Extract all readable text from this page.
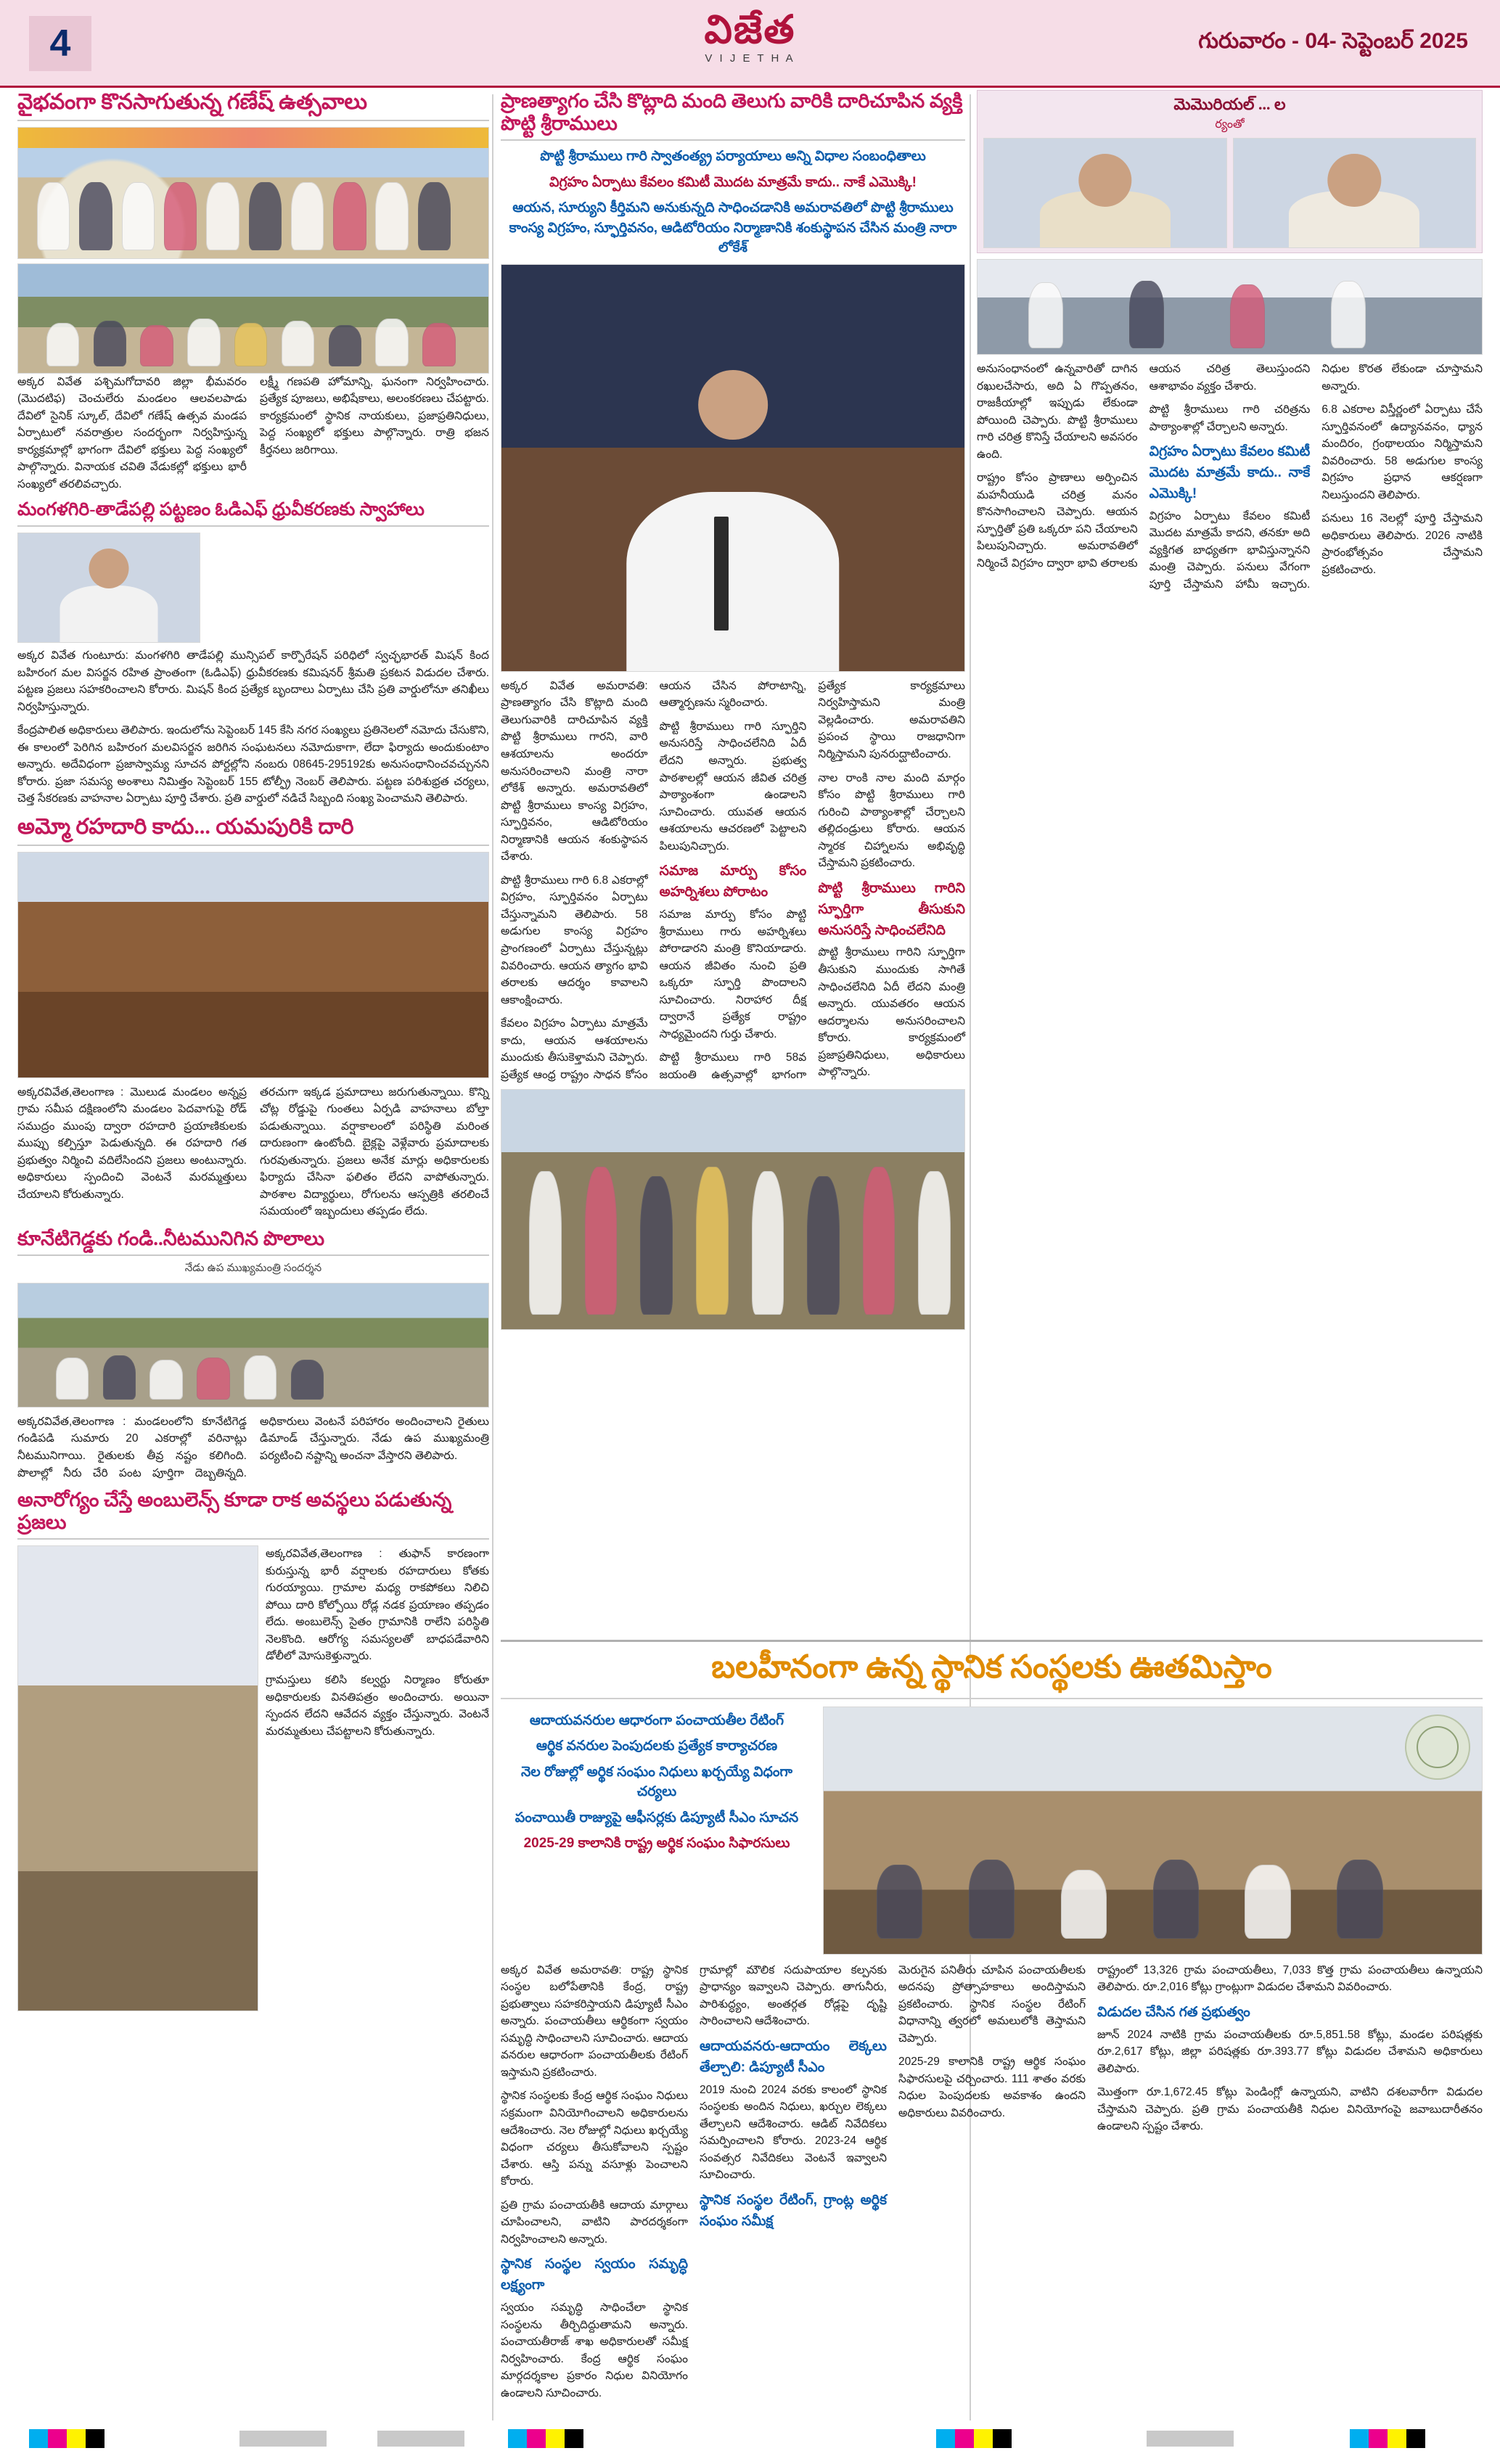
4	విజేత
V I J E T H A
గురువారం - 04- సెప్టెంబర్ 2025
వైభవంగా కొనసాగుతున్న గణేష్ ఉత్సవాలు

అక్కర వివేత పశ్చిమగోదావరి జిల్లా భీమవరం (మెుదటిఫ) చెంచులేరు మండలం ఆలవలపాడు దేవిలో సైనిక్ స్కూల్, దేవిలో గణేష్ ఉత్సవ మండప ఏర్పాటులో నవరాత్రుల సందర్భంగా నిర్వహిస్తున్న కార్యక్రమాల్లో భాగంగా దేవిలో భక్తులు పెద్ద సంఖ్యలో పాల్గొన్నారు. వినాయక చవితి వేడుకల్లో భక్తులు భారీ సంఖ్యలో తరలివచ్చారు.

లక్ష్మీ గణపతి హోమాన్ని, ఘనంగా నిర్వహించారు. ప్రత్యేక పూజలు, అభిషేకాలు, అలంకరణలు చేపట్టారు. కార్యక్రమంలో స్థానిక నాయకులు, ప్రజాప్రతినిధులు, పెద్ద సంఖ్యలో భక్తులు పాల్గొన్నారు. రాత్రి భజన కీర్తనలు జరిగాయి.

మంగళగిరి-తాడేపల్లి పట్టణం ఓడిఎఫ్ ధ్రువీకరణకు స్వాహాలు

అక్కర వివేత గుంటూరు: మంగళగిరి తాడేపల్లి మున్సిపల్ కార్పొరేషన్ పరిధిలో స్వచ్ఛభారత్ మిషన్ కింద బహిరంగ మల విసర్జన రహిత ప్రాంతంగా (ఓడిఎఫ్) ధ్రువీకరణకు కమిషనర్ శ్రీమతి ప్రకటన విడుదల చేశారు. పట్టణ ప్రజలు సహకరించాలని కోరారు. మిషన్ కింద ప్రత్యేక బృందాలు ఏర్పాటు చేసి ప్రతి వార్డులోనూ తనిఖీలు నిర్వహిస్తున్నారు.

కేంద్రపాలిత అధికారులు తెలిపారు. ఇందులోను సెప్టెంబర్ 145 కేసి నగర సంఖ్యలు ప్రతినెలలో నమోదు చేసుకొని, ఈ కాలంలో పెరిగిన బహిరంగ మలవిసర్జన జరిగిన సంఘటనలు నమోదుకాగా, లేదా ఫిర్యాదు అందుకుంటాం అన్నారు. అదేవిధంగా ప్రజాస్వామ్య సూచన పోర్టల్లోని నంబరు 08645-295192కు అనుసంధానించవచ్చునని కోరారు. ప్రజా సమస్య అంశాలు నిమిత్తం సెప్టెంబర్ 155 టోల్ఫ్రీ నెంబర్ తెలిపారు. పట్టణ పరిశుభ్రత చర్యలు, చెత్త సేకరణకు వాహనాల ఏర్పాటు పూర్తి చేశారు. ప్రతి వార్డులో నడిచే సిబ్బంది సంఖ్య పెంచామని తెలిపారు.

అమ్మో రహదారి కాదు... యమపురికి దారి

అక్కరవివేత,తెలంగాణ : మెులుడ మండలం అన్నప్ర గ్రామ సమీప దక్షిణంలోని మండలం పెదవాగుపై రోడ్ సముద్రం ముంపు ద్వారా రహదారి ప్రయాణికులకు ముప్పు కల్పిస్తూ పెడుతున్నది. ఈ రహదారి గత ప్రభుత్వం నిర్మించి వదిలేసిందని ప్రజలు అంటున్నారు. అధికారులు స్పందించి వెంటనే మరమ్మత్తులు చేయాలని కోరుతున్నారు.

తరచుగా ఇక్కడ ప్రమాదాలు జరుగుతున్నాయి. కొన్ని చోట్ల రోడ్డుపై గుంతలు ఏర్పడి వాహనాలు బోల్తా పడుతున్నాయి. వర్షాకాలంలో పరిస్థితి మరింత దారుణంగా ఉంటోంది. బైక్లపై వెళ్లేవారు ప్రమాదాలకు గురవుతున్నారు. ప్రజలు అనేక మార్లు అధికారులకు ఫిర్యాదు చేసినా ఫలితం లేదని వాపోతున్నారు. పాఠశాల విద్యార్థులు, రోగులను ఆస్పత్రికి తరలించే సమయంలో ఇబ్బందులు తప్పడం లేదు.

కూనేటిగెడ్డకు గండి..నీటమునిగిన పొలాలు
నేడు ఉప ముఖ్యమంత్రి సందర్శన

అక్కరవివేత,తెలంగాణ : మండలంలోని కూనేటిగెడ్డ గండిపడి సుమారు 20 ఎకరాల్లో వరినాట్లు నీటమునిగాయి. రైతులకు తీవ్ర నష్టం కలిగింది. పొలాల్లో నీరు చేరి పంట పూర్తిగా దెబ్బతిన్నది. అధికారులు వెంటనే పరిహారం అందించాలని రైతులు డిమాండ్ చేస్తున్నారు. నేడు ఉప ముఖ్యమంత్రి పర్యటించి నష్టాన్ని అంచనా వేస్తారని తెలిపారు.

అనారోగ్యం చేస్తే అంబులెన్స్ కూడా రాక అవస్థలు పడుతున్న ప్రజలు

అక్కరవివేత,తెలంగాణ : తుఫాన్ కారణంగా కురుస్తున్న భారీ వర్షాలకు రహదారులు కోతకు గురయ్యాయి. గ్రామాల మధ్య రాకపోకలు నిలిచి పోయి దారి కోల్పోయి రోడ్ల నడక ప్రయాణం తప్పడం లేదు. అంబులెన్స్ సైతం గ్రామానికి రాలేని పరిస్థితి నెలకొంది. ఆరోగ్య సమస్యలతో బాధపడేవారిని డోలీలో మోసుకెళ్తున్నారు.

గ్రామస్తులు కలిసి కల్వర్టు నిర్మాణం కోరుతూ అధికారులకు వినతిపత్రం అందించారు. అయినా స్పందన లేదని ఆవేదన వ్యక్తం చేస్తున్నారు. వెంటనే మరమ్మతులు చేపట్టాలని కోరుతున్నారు.

ప్రాణత్యాగం చేసి కొట్లాది మంది తెలుగు వారికి దారిచూపిన వ్యక్తి పొట్టి శ్రీరాములు
పొట్టి శ్రీరాములు గారి స్వాతంత్య్ర పర్యాయాలు అన్ని విధాల సంబంధితాలు
విగ్రహం ఏర్పాటు కేవలం కమిటీ మెుదట మాత్రమే కాదు.. నాకే ఎమెుక్కి!
ఆయన, సూర్యుని కీర్తిమని అనుకున్నది సాధించడానికి అమరావతిలో పొట్టి శ్రీరాములు కాంస్య విగ్రహం, స్ఫూర్తివనం, ఆడిటోరియం నిర్మాణానికి శంకుస్థాపన చేసిన మంత్రి నారా లోకేశ్

అక్కర వివేత అమరావతి: ప్రాణత్యాగం చేసి కొట్లాది మంది తెలుగువారికి దారిచూపిన వ్యక్తి పొట్టి శ్రీరాములు గారని, వారి ఆశయాలను అందరూ అనుసరించాలని మంత్రి నారా లోకేశ్ అన్నారు. అమరావతిలో పొట్టి శ్రీరాములు కాంస్య విగ్రహం, స్ఫూర్తివనం, ఆడిటోరియం నిర్మాణానికి ఆయన శంకుస్థాపన చేశారు.

పొట్టి శ్రీరాములు గారి 6.8 ఎకరాల్లో విగ్రహం, స్ఫూర్తివనం ఏర్పాటు చేస్తున్నామని తెలిపారు. 58 అడుగుల కాంస్య విగ్రహం ప్రాంగణంలో ఏర్పాటు చేస్తున్నట్లు వివరించారు. ఆయన త్యాగం భావి తరాలకు ఆదర్శం కావాలని ఆకాంక్షించారు.

కేవలం విగ్రహం ఏర్పాటు మాత్రమే కాదు, ఆయన ఆశయాలను ముందుకు తీసుకెళ్తామని చెప్పారు. ప్రత్యేక ఆంధ్ర రాష్ట్రం సాధన కోసం ఆయన చేసిన పోరాటాన్ని, ఆత్మార్పణను స్మరించారు.

పొట్టి శ్రీరాములు గారి స్ఫూర్తిని అనుసరిస్తే సాధించలేనిది ఏదీ లేదని అన్నారు. ప్రభుత్వ పాఠశాలల్లో ఆయన జీవిత చరిత్ర పాఠ్యాంశంగా ఉండాలని సూచించారు. యువత ఆయన ఆశయాలను ఆచరణలో పెట్టాలని పిలుపునిచ్చారు.

సమాజ మార్పు కోసం అహర్నిశలు పోరాటం

సమాజ మార్పు కోసం పొట్టి శ్రీరాములు గారు అహర్నిశలు పోరాడారని మంత్రి కొనియాడారు. ఆయన జీవితం నుంచి ప్రతి ఒక్కరూ స్ఫూర్తి పొందాలని సూచించారు. నిరాహార దీక్ష ద్వారానే ప్రత్యేక రాష్ట్రం సాధ్యమైందని గుర్తు చేశారు.

పొట్టి శ్రీరాములు గారి 58వ జయంతి ఉత్సవాల్లో భాగంగా ప్రత్యేక కార్యక్రమాలు నిర్వహిస్తామని మంత్రి వెల్లడించారు. అమరావతిని ప్రపంచ స్థాయి రాజధానిగా నిర్మిస్తామని పునరుద్ఘాటించారు.

నాల రాంకి నాల మంది మార్గం కోసం పొట్టి శ్రీరాములు గారి గురించి పాఠ్యాంశాల్లో చేర్చాలని తల్లిదండ్రులు కోరారు. ఆయన స్మారక చిహ్నాలను అభివృద్ధి చేస్తామని ప్రకటించారు.

పొట్టి శ్రీరాములు గారిని స్ఫూర్తిగా తీసుకుని అనుసరిస్తే సాధించలేనిది

పొట్టి శ్రీరాములు గారిని స్ఫూర్తిగా తీసుకుని ముందుకు సాగితే సాధించలేనిది ఏదీ లేదని మంత్రి అన్నారు. యువతరం ఆయన ఆదర్శాలను అనుసరించాలని కోరారు. కార్యక్రమంలో ప్రజాప్రతినిధులు, అధికారులు పాల్గొన్నారు.

మెమొరియల్ ... ల
ర్యంతో

అనుసంధానంలో ఉన్నవారితో దాగిన రఖులచేసారు, అది ఏ గొప్పతనం, రాజకీయాల్లో ఇప్పుడు లేకుండా పోయింది చెప్పారు. పొట్టి శ్రీరాములు గారి చరిత్ర కొనిస్తే చేయాలని అవసరం ఉంది.

రాష్ట్రం కోసం ప్రాణాలు అర్పించిన మహనీయుడి చరిత్ర మనం కొనసాగించాలని చెప్పారు. ఆయన స్ఫూర్తితో ప్రతి ఒక్కరూ పని చేయాలని పిలుపునిచ్చారు. అమరావతిలో నిర్మించే విగ్రహం ద్వారా భావి తరాలకు ఆయన చరిత్ర తెలుస్తుందని ఆశాభావం వ్యక్తం చేశారు.

పొట్టి శ్రీరాములు గారి చరిత్రను పాఠ్యాంశాల్లో చేర్చాలని అన్నారు.

విగ్రహం ఏర్పాటు కేవలం కమిటీ మెుదట మాత్రమే కాదు.. నాకే ఎమెుక్కి!

విగ్రహం ఏర్పాటు కేవలం కమిటీ మెుదట మాత్రమే కాదని, తనకూ అది వ్యక్తిగత బాధ్యతగా భావిస్తున్నానని మంత్రి చెప్పారు. పనులు వేగంగా పూర్తి చేస్తామని హామీ ఇచ్చారు. నిధుల కొరత లేకుండా చూస్తామని అన్నారు.

6.8 ఎకరాల విస్తీర్ణంలో ఏర్పాటు చేసే స్ఫూర్తివనంలో ఉద్యానవనం, ధ్యాన మందిరం, గ్రంథాలయం నిర్మిస్తామని వివరించారు. 58 అడుగుల కాంస్య విగ్రహం ప్రధాన ఆకర్షణగా నిలుస్తుందని తెలిపారు.

పనులు 16 నెలల్లో పూర్తి చేస్తామని అధికారులు తెలిపారు. 2026 నాటికి ప్రారంభోత్సవం చేస్తామని ప్రకటించారు.

బలహీనంగా ఉన్న స్థానిక సంస్థలకు ఊతమిస్తాం
ఆదాయవనరుల ఆధారంగా పంచాయతీల రేటింగ్
ఆర్థిక వనరుల పెంపుదలకు ప్రత్యేక కార్యాచరణ
నెల రోజుల్లో అర్థిక సంఘం నిధులు ఖర్చయ్యే విధంగా చర్యలు
పంచాయితీ రాజ్యుపై ఆఫీసర్లకు డిప్యూటీ సీఎం సూచన
2025-29 కాలానికి రాష్ట్ర అర్థిక సంఘం సిఫారసులు

అక్కర వివేత అమరావతి: రాష్ట్ర స్థానిక సంస్థల బలోపేతానికి కేంద్ర, రాష్ట్ర ప్రభుత్వాలు సహకరిస్తాయని డిప్యూటీ సీఎం అన్నారు. పంచాయతీలు ఆర్థికంగా స్వయం సమృద్ధి సాధించాలని సూచించారు. ఆదాయ వనరుల ఆధారంగా పంచాయతీలకు రేటింగ్ ఇస్తామని ప్రకటించారు.

స్థానిక సంస్థలకు కేంద్ర ఆర్థిక సంఘం నిధులు సక్రమంగా వినియోగించాలని అధికారులను ఆదేశించారు. నెల రోజుల్లో నిధులు ఖర్చయ్యే విధంగా చర్యలు తీసుకోవాలని స్పష్టం చేశారు. ఆస్తి పన్ను వసూళ్లు పెంచాలని కోరారు.

ప్రతి గ్రామ పంచాయతీకి ఆదాయ మార్గాలు చూపించాలని, వాటిని పారదర్శకంగా నిర్వహించాలని అన్నారు.

స్థానిక సంస్థల స్వయం సమృద్ధి లక్ష్యంగా

స్వయం సమృద్ధి సాధించేలా స్థానిక సంస్థలను తీర్చిదిద్దుతామని అన్నారు. పంచాయతీరాజ్ శాఖ అధికారులతో సమీక్ష నిర్వహించారు. కేంద్ర ఆర్థిక సంఘం మార్గదర్శకాల ప్రకారం నిధుల వినియోగం ఉండాలని సూచించారు.

గ్రామాల్లో మౌలిక సదుపాయాల కల్పనకు ప్రాధాన్యం ఇవ్వాలని చెప్పారు. తాగునీరు, పారిశుద్ధ్యం, అంతర్గత రోడ్లపై దృష్టి సారించాలని ఆదేశించారు.

ఆదాయవనరు-ఆదాయం లెక్కలు తేల్చాలి: డిప్యూటీ సీఎం

2019 నుంచి 2024 వరకు కాలంలో స్థానిక సంస్థలకు అందిన నిధులు, ఖర్చుల లెక్కలు తేల్చాలని ఆదేశించారు. ఆడిట్ నివేదికలు సమర్పించాలని కోరారు. 2023-24 ఆర్థిక సంవత్సర నివేదికలు వెంటనే ఇవ్వాలని సూచించారు.

స్థానిక సంస్థల రేటింగ్, గ్రాంట్ల అర్థిక సంఘం సమీక్ష

మెరుగైన పనితీరు చూపిన పంచాయతీలకు అదనపు ప్రోత్సాహకాలు అందిస్తామని ప్రకటించారు. స్థానిక సంస్థల రేటింగ్ విధానాన్ని త్వరలో అమలులోకి తెస్తామని చెప్పారు.

2025-29 కాలానికి రాష్ట్ర ఆర్థిక సంఘం సిఫారసులపై చర్చించారు. 111 శాతం వరకు నిధుల పెంపుదలకు అవకాశం ఉందని అధికారులు వివరించారు.

రాష్ట్రంలో 13,326 గ్రామ పంచాయతీలు, 7,033 కొత్త గ్రామ పంచాయతీలు ఉన్నాయని తెలిపారు. రూ.2,016 కోట్లు గ్రాంట్లుగా విడుదల చేశామని వివరించారు.

విడుదల చేసిన గత ప్రభుత్వం

జూన్ 2024 నాటికి గ్రామ పంచాయతీలకు రూ.5,851.58 కోట్లు, మండల పరిషత్లకు రూ.2,617 కోట్లు, జిల్లా పరిషత్లకు రూ.393.77 కోట్లు విడుదల చేశామని అధికారులు తెలిపారు.

మొత్తంగా రూ.1,672.45 కోట్లు పెండింగ్లో ఉన్నాయని, వాటిని దశలవారీగా విడుదల చేస్తామని చెప్పారు. ప్రతి గ్రామ పంచాయతీకి నిధుల వినియోగంపై జవాబుదారీతనం ఉండాలని స్పష్టం చేశారు.
